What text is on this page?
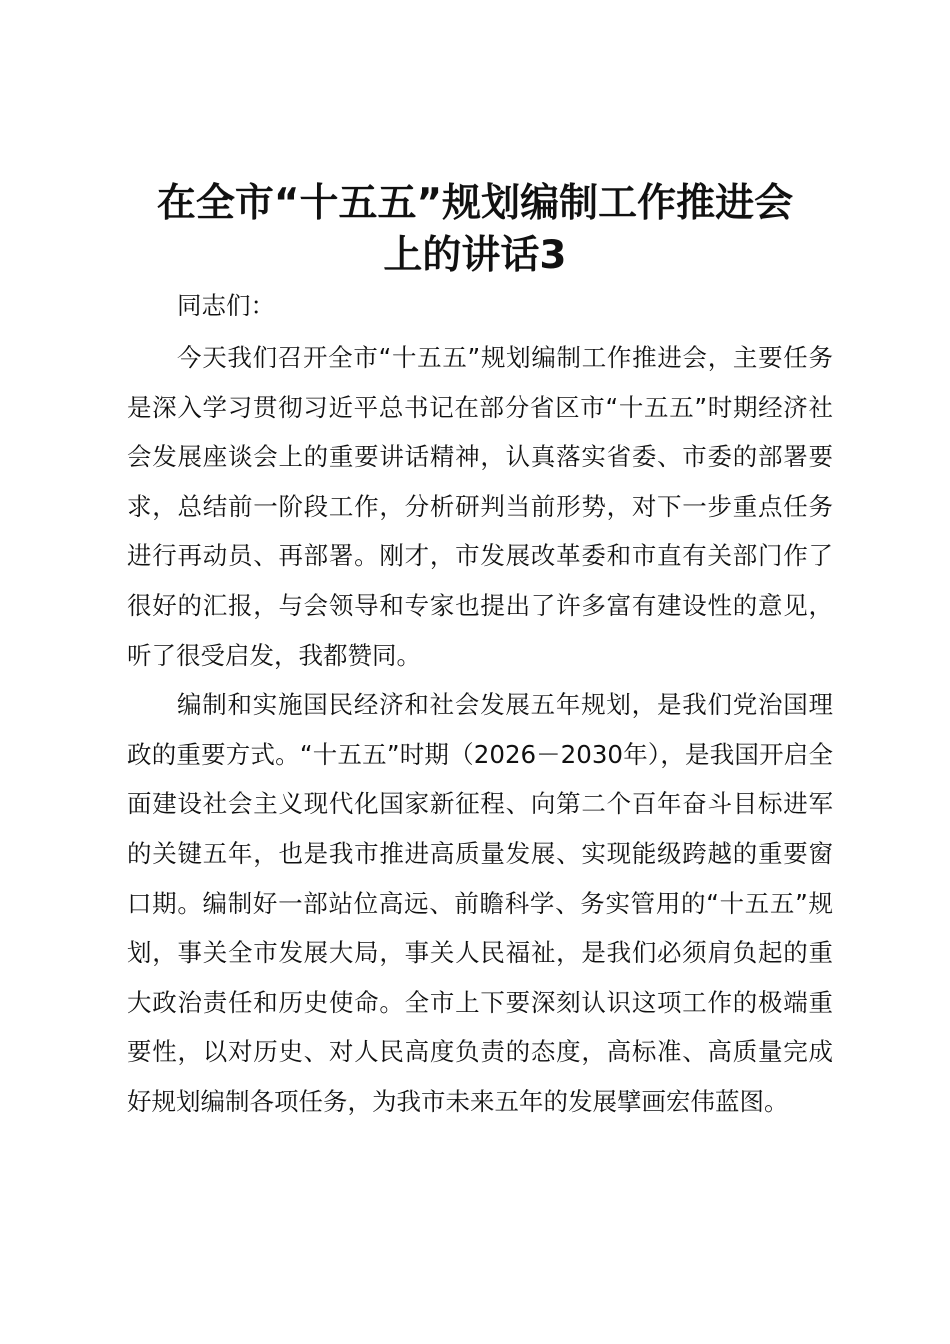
在全市“十五五”规划编制工作推进会
上的讲话3

同志们：

今天我们召开全市“十五五”规划编制工作推进会，主要任务是深入学习贯彻习近平总书记在部分省区市“十五五”时期经济社会发展座谈会上的重要讲话精神，认真落实省委、市委的部署要求，总结前一阶段工作，分析研判当前形势，对下一步重点任务进行再动员、再部署。刚才，市发展改革委和市直有关部门作了很好的汇报，与会领导和专家也提出了许多富有建设性的意见，听了很受启发，我都赞同。

编制和实施国民经济和社会发展五年规划，是我们党治国理政的重要方式。“十五五”时期（2026－2030年），是我国开启全面建设社会主义现代化国家新征程、向第二个百年奋斗目标进军的关键五年，也是我市推进高质量发展、实现能级跨越的重要窗口期。编制好一部站位高远、前瞻科学、务实管用的“十五五”规划，事关全市发展大局，事关人民福祉，是我们必须肩负起的重大政治责任和历史使命。全市上下要深刻认识这项工作的极端重要性，以对历史、对人民高度负责的态度，高标准、高质量完成好规划编制各项任务，为我市未来五年的发展擘画宏伟蓝图。
